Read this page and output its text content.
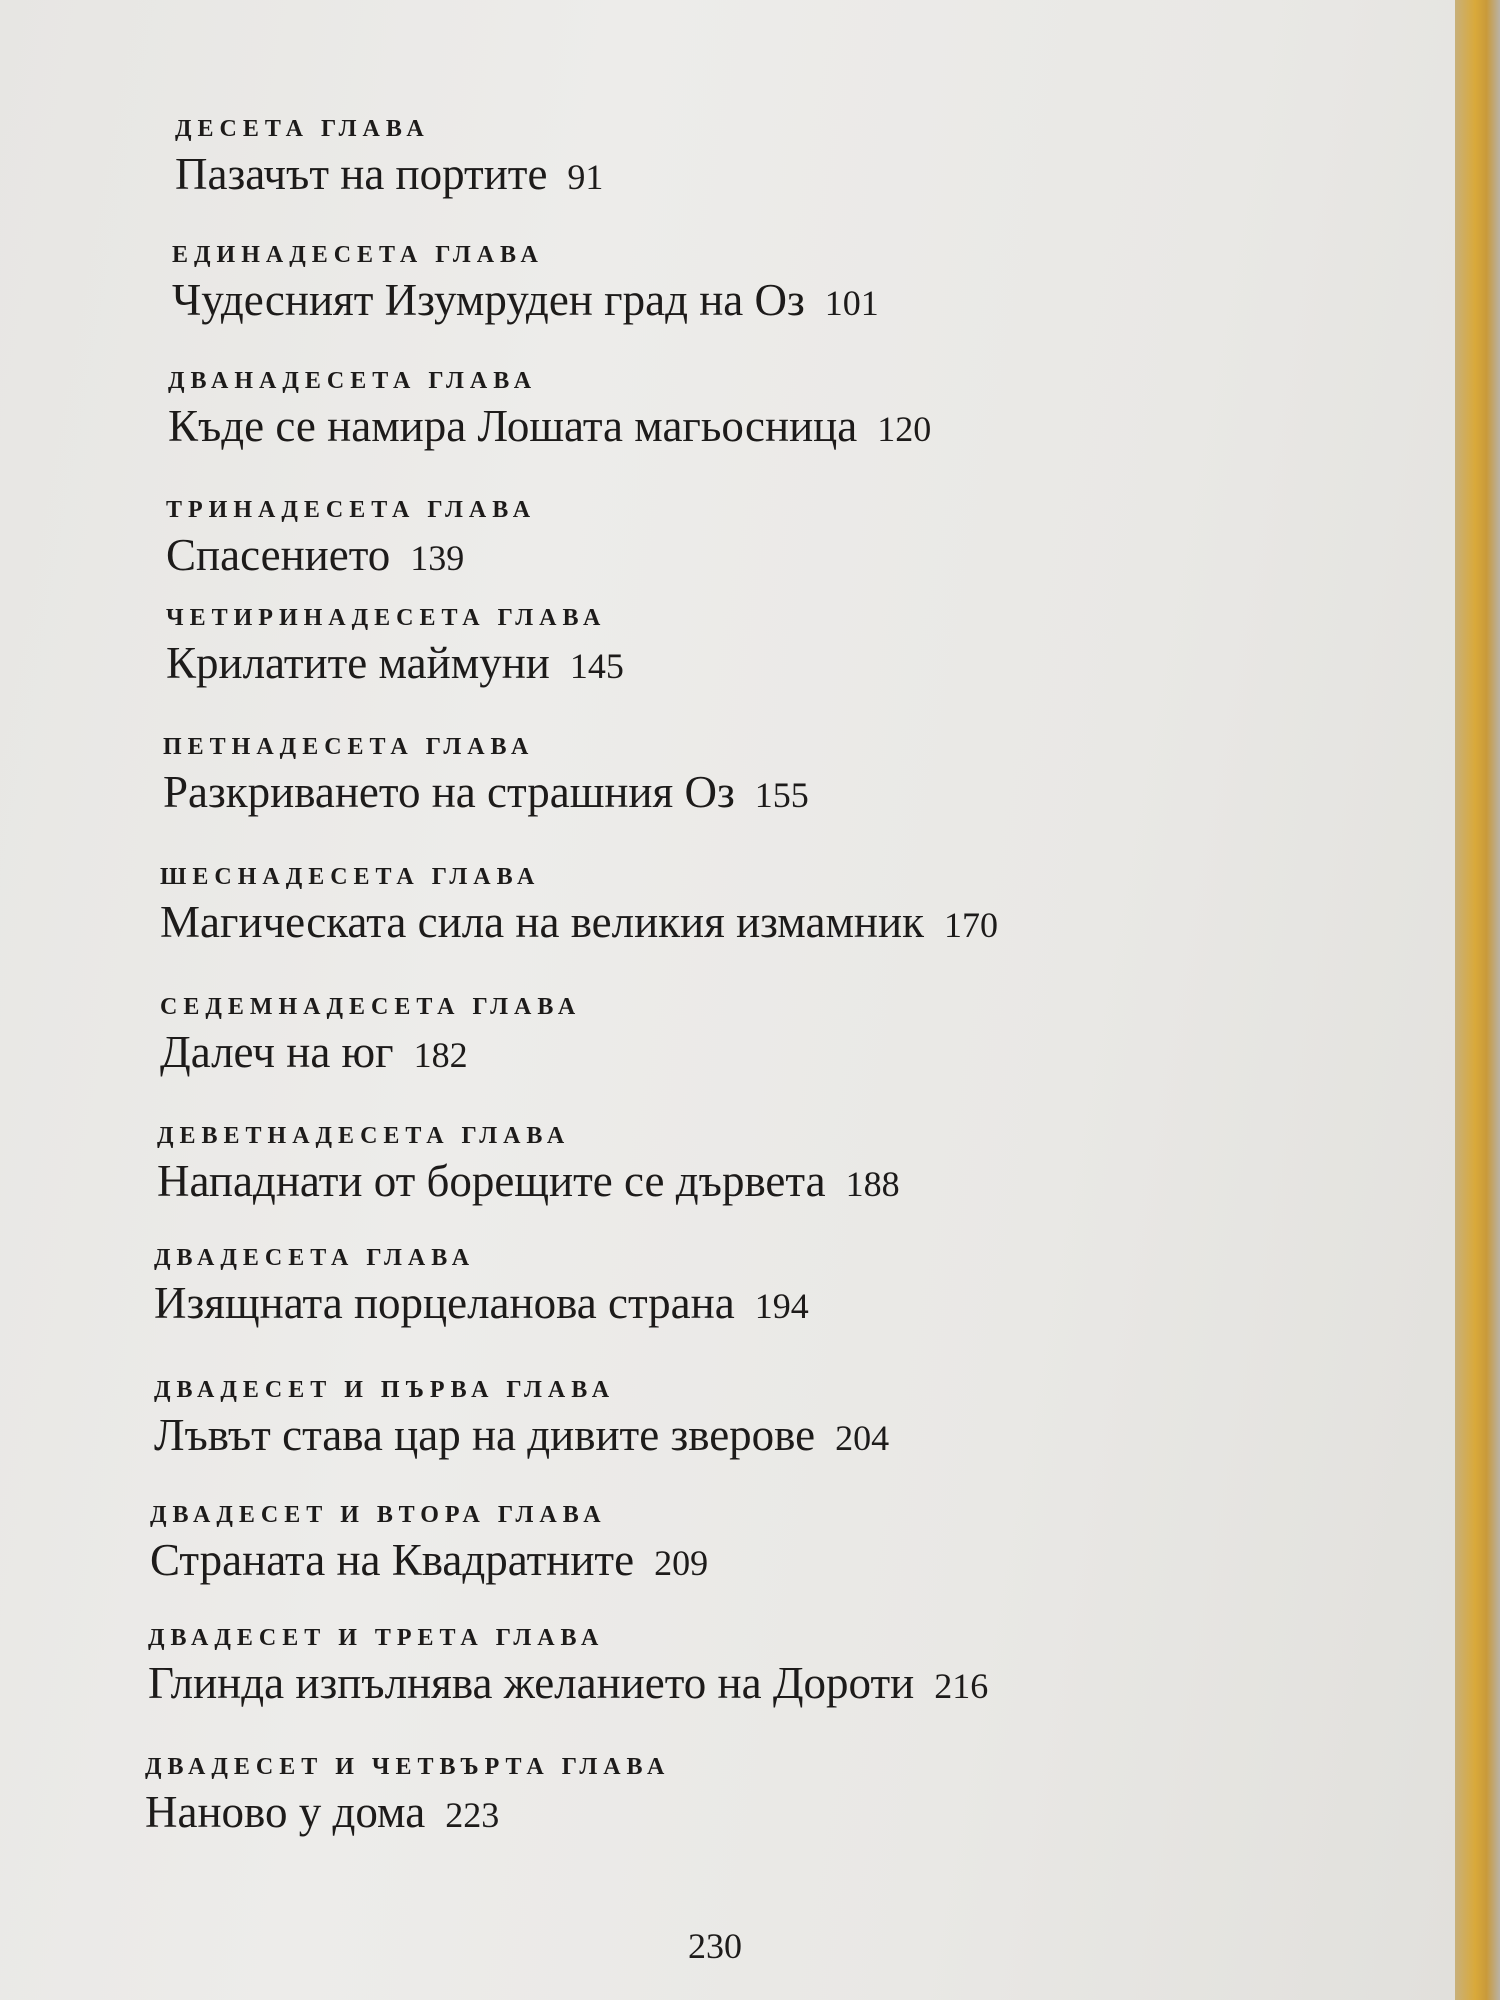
ДЕСЕТА ГЛАВА
Пазачът на портите 91
ЕДИНАДЕСЕТА ГЛАВА
Чудесният Изумруден град на Оз 101
ДВАНАДЕСЕТА ГЛАВА
Къде се намира Лошата магьосница 120
ТРИНАДЕСЕТА ГЛАВА
Спасението 139
ЧЕТИРИНАДЕСЕТА ГЛАВА
Крилатите маймуни 145
ПЕТНАДЕСЕТА ГЛАВА
Разкриването на страшния Оз 155
ШЕСНАДЕСЕТА ГЛАВА
Магическата сила на великия измамник 170
СЕДЕМНАДЕСЕТА ГЛАВА
Далеч на юг 182
ДЕВЕТНАДЕСЕТА ГЛАВА
Нападнати от борещите се дървета 188
ДВАДЕСЕТА ГЛАВА
Изящната порцеланова страна 194
ДВАДЕСЕТ И ПЪРВА ГЛАВА
Лъвът става цар на дивите зверове 204
ДВАДЕСЕТ И ВТОРА ГЛАВА
Страната на Квадратните 209
ДВАДЕСЕТ И ТРЕТА ГЛАВА
Глинда изпълнява желанието на Дороти 216
ДВАДЕСЕТ И ЧЕТВЪРТА ГЛАВА
Наново у дома 223
230
